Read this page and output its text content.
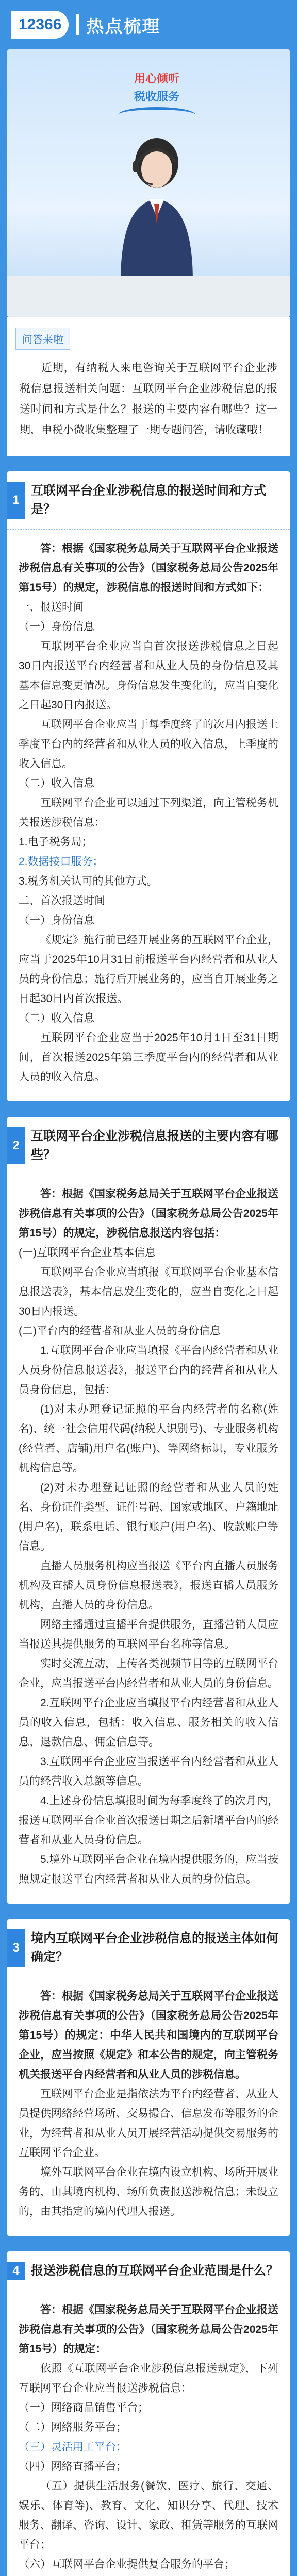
12366	热点梳理
用心倾听
税收服务
问答来啦
近期，有纳税人来电咨询关于互联网平台企业涉税信息报送相关问题：互联网平台企业涉税信息的报送时间和方式是什么？报送的主要内容有哪些？这一期，申税小微收集整理了一期专题问答，请收藏哦！
1
互联网平台企业涉税信息的报送时间和方式是？
答：根据《国家税务总局关于互联网平台企业报送涉税信息有关事项的公告》（国家税务总局公告2025年第15号）的规定，涉税信息的报送时间和方式如下：
一、报送时间
（一）身份信息
互联网平台企业应当自首次报送涉税信息之日起30日内报送平台内经营者和从业人员的身份信息及其基本信息变更情况。身份信息发生变化的，应当自变化之日起30日内报送。
互联网平台企业应当于每季度终了的次月内报送上季度平台内的经营者和从业人员的收入信息，上季度的收入信息。
（二）收入信息
互联网平台企业可以通过下列渠道，向主管税务机关报送涉税信息：
1.电子税务局；
2.数据接口服务；
3.税务机关认可的其他方式。
二、首次报送时间
（一）身份信息
《规定》施行前已经开展业务的互联网平台企业，应当于2025年10月31日前报送平台内经营者和从业人员的身份信息；施行后开展业务的，应当自开展业务之日起30日内首次报送。
（二）收入信息
互联网平台企业应当于2025年10月1日至31日期间，首次报送2025年第三季度平台内的经营者和从业人员的收入信息。
2
互联网平台企业涉税信息报送的主要内容有哪些？
答：根据《国家税务总局关于互联网平台企业报送涉税信息有关事项的公告》（国家税务总局公告2025年第15号）的规定，涉税信息报送内容包括：
(一)互联网平台企业基本信息
互联网平台企业应当填报《互联网平台企业基本信息报送表》，基本信息发生变化的，应当自变化之日起30日内报送。
(二)平台内的经营者和从业人员的身份信息
1.互联网平台企业应当填报《平台内经营者和从业人员身份信息报送表》，报送平台内的经营者和从业人员身份信息，包括：
(1)对未办理登记证照的平台内经营者的名称(姓名)、统一社会信用代码(纳税人识别号)、专业服务机构(经营者、店铺)用户名(账户)、等网络标识，专业服务机构信息等。
(2)对未办理登记证照的经营者和从业人员的姓名、身份证件类型、证件号码、国家或地区、户籍地址(用户名)，联系电话、银行账户(用户名)、收款账户等信息。
直播人员服务机构应当报送《平台内直播人员服务机构及直播人员身份信息报送表》，报送直播人员服务机构，直播人员的身份信息。
网络主播通过直播平台提供服务，直播营销人员应当报送其提供服务的互联网平台名称等信息。
实时交流互动，上传各类视频节目等的互联网平台企业，应当报送平台内经营者和从业人员的身份信息。
2.互联网平台企业应当填报平台内经营者和从业人员的收入信息，包括：收入信息、服务相关的收入信息、退款信息、佣金信息等。
3.互联网平台企业应当报送平台内经营者和从业人员的经营收入总额等信息。
4.上述身份信息填报时间为每季度终了的次月内，报送互联网平台企业首次报送日期之后新增平台内的经营者和从业人员身份信息。
5.境外互联网平台企业在境内提供服务的，应当按照规定报送平台内经营者和从业人员的身份信息。
3
境内互联网平台企业涉税信息的报送主体如何确定？
答：根据《国家税务总局关于互联网平台企业报送涉税信息有关事项的公告》（国家税务总局公告2025年第15号）的规定：中华人民共和国境内的互联网平台企业，应当按照《规定》和本公告的规定，向主管税务机关报送平台内经营者和从业人员的涉税信息。
互联网平台企业是指依法为平台内经营者、从业人员提供网络经营场所、交易撮合、信息发布等服务的企业，为经营者和从业人员开展经营活动提供交易服务的互联网平台企业。
境外互联网平台企业在境内设立机构、场所开展业务的，由其境内机构、场所负责报送涉税信息；未设立的，由其指定的境内代理人报送。
4 报送涉税信息的互联网平台企业范围是什么？
答：根据《国家税务总局关于互联网平台企业报送涉税信息有关事项的公告》（国家税务总局公告2025年第15号）的规定：
依照《互联网平台企业涉税信息报送规定》，下列互联网平台企业应当报送涉税信息：
（一）网络商品销售平台；
（二）网络服务平台；
（三）灵活用工平台；
（四）网络直播平台；
（五）提供生活服务(餐饮、医疗、旅行、交通、娱乐、体育等)、教育、文化、知识分享、代理、技术服务、翻译、咨询、设计、家政、租赁等服务的互联网平台；
（六）互联网平台企业提供复合服务的平台；
